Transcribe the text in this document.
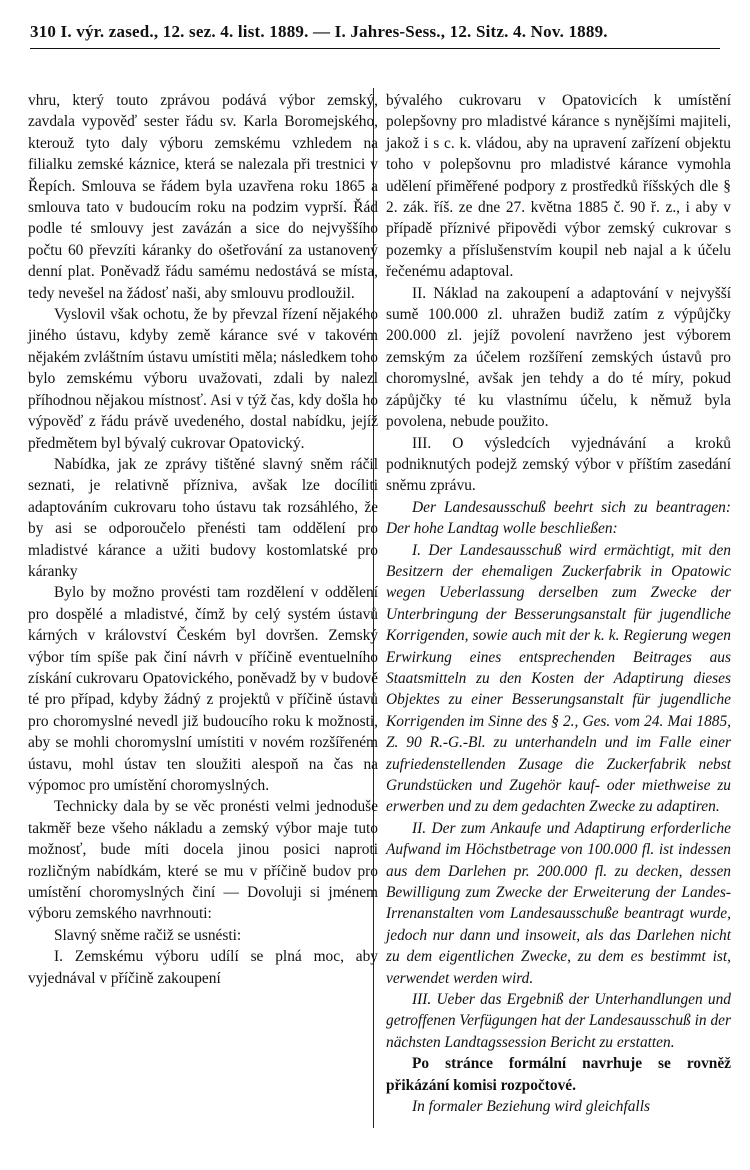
310 I. výr. zased., 12. sez. 4. list. 1889. — I. Jahres-Sess., 12. Sitz. 4. Nov. 1889.

vhru, který touto zprávou podává výbor zemský, zavdala vypověď sester řádu sv. Karla Boromejského, kterouž tyto daly výboru zemskému vzhledem na filialku zemské káznice, která se nalezala při trestnici v Řepích. Smlouva se řádem byla uzavřena roku 1865 a smlouva tato v budoucím roku na podzim vyprší. Řád podle té smlouvy jest zavázán a sice do nejvyššího počtu 60 převzíti káranky do ošetřování za ustanovený denní plat. Poněvadž řádu samému nedostává se místa, tedy nevešel na žádosť naši, aby smlouvu prodloužil.

Vyslovil však ochotu, že by převzal řízení nějakého jiného ústavu, kdyby země kárance své v takovém nějakém zvláštním ústavu umístiti měla; následkem toho bylo zemskému výboru uvažovati, zdali by nalezl příhodnou nějakou místnosť. Asi v týž čas, kdy došla ho výpověď z řádu právě uvedeného, dostal nabídku, jejíž předmětem byl bývalý cukrovar Opatovický.

Nabídka, jak ze zprávy tištěné slavný sněm ráčil seznati, je relativně přízniva, avšak lze docíliti adaptováním cukrovaru toho ústavu tak rozsáhlého, že by asi se odporoučelo přenésti tam oddělení pro mladistvé kárance a užiti budovy kostomlatské pro káranky

Bylo by možno provésti tam rozdělení v oddělení pro dospělé a mladistvé, čímž by celý systém ústavů kárných v království Českém byl dovršen. Zemský výbor tím spíše pak činí návrh v příčině eventuelního získání cukrovaru Opatovického, poněvadž by v budově té pro případ, kdyby žádný z projektů v příčině ústavů pro choromyslné nevedl již budoucího roku k možnosti, aby se mohli choromyslní umístiti v novém rozšířeném ústavu, mohl ústav ten sloužiti alespoň na čas na výpomoc pro umístění choromyslných.

Technicky dala by se věc pronésti velmi jednoduše takměř beze všeho nákladu a zemský výbor maje tuto možnosť, bude míti docela jinou posici naproti rozličným nabídkám, které se mu v příčině budov pro umístění choromyslných činí — Dovoluji si jménem výboru zemského navrhnouti:

Slavný sněme račiž se usnésti:

I. Zemskému výboru udílí se plná moc, aby vyjednával v příčině zakoupení

bývalého cukrovaru v Opatovicích k umístění polepšovny pro mladistvé kárance s nynějšími majiteli, jakož i s c. k. vládou, aby na upravení zařízení objektu toho v polepšovnu pro mladistvé kárance vymohla udělení přiměřené podpory z prostředků říšských dle § 2. zák. říš. ze dne 27. května 1885 č. 90 ř. z., i aby v případě příznivé připovědi výbor zemský cukrovar s pozemky a příslušenstvím koupil neb najal a k účelu řečenému adaptoval.

II. Náklad na zakoupení a adaptování v nejvyšší sumě 100.000 zl. uhražen budiž zatím z výpůjčky 200.000 zl. jejíž povolení navrženo jest výborem zemským za účelem rozšíření zemských ústavů pro choromyslné, avšak jen tehdy a do té míry, pokud zápůjčky té ku vlastnímu účelu, k němuž byla povolena, nebude použito.

III. O výsledcích vyjednávání a kroků podniknutých podejž zemský výbor v příštím zasedání sněmu zprávu.

Der Landesausschuß beehrt sich zu beantragen: Der hohe Landtag wolle beschließen:

I. Der Landesausschuß wird ermächtigt, mit den Besitzern der ehemaligen Zuckerfabrik in Opatowic wegen Ueberlassung derselben zum Zwecke der Unterbringung der Besserungsanstalt für jugendliche Korrigenden, sowie auch mit der k. k. Regierung wegen Erwirkung eines entsprechenden Beitrages aus Staatsmitteln zu den Kosten der Adaptirung dieses Objektes zu einer Besserungsanstalt für jugendliche Korrigenden im Sinne des § 2., Ges. vom 24. Mai 1885, Z. 90 R.-G.-Bl. zu unterhandeln und im Falle einer zufriedenstellenden Zusage die Zuckerfabrik nebst Grundstücken und Zugehör kauf- oder miethweise zu erwerben und zu dem gedachten Zwecke zu adaptiren.

II. Der zum Ankaufe und Adaptirung erforderliche Aufwand im Höchstbetrage von 100.000 fl. ist indessen aus dem Darlehen pr. 200.000 fl. zu decken, dessen Bewilligung zum Zwecke der Erweiterung der Landes-Irrenanstalten vom Landesausschuße beantragt wurde, jedoch nur dann und insoweit, als das Darlehen nicht zu dem eigentlichen Zwecke, zu dem es bestimmt ist, verwendet werden wird.

III. Ueber das Ergebniß der Unterhandlungen und getroffenen Verfügungen hat der Landesausschuß in der nächsten Landtagssession Bericht zu erstatten.

Po stránce formální navrhuje se rovněž přikázání komisi rozpočtové.

In formaler Beziehung wird gleichfalls
